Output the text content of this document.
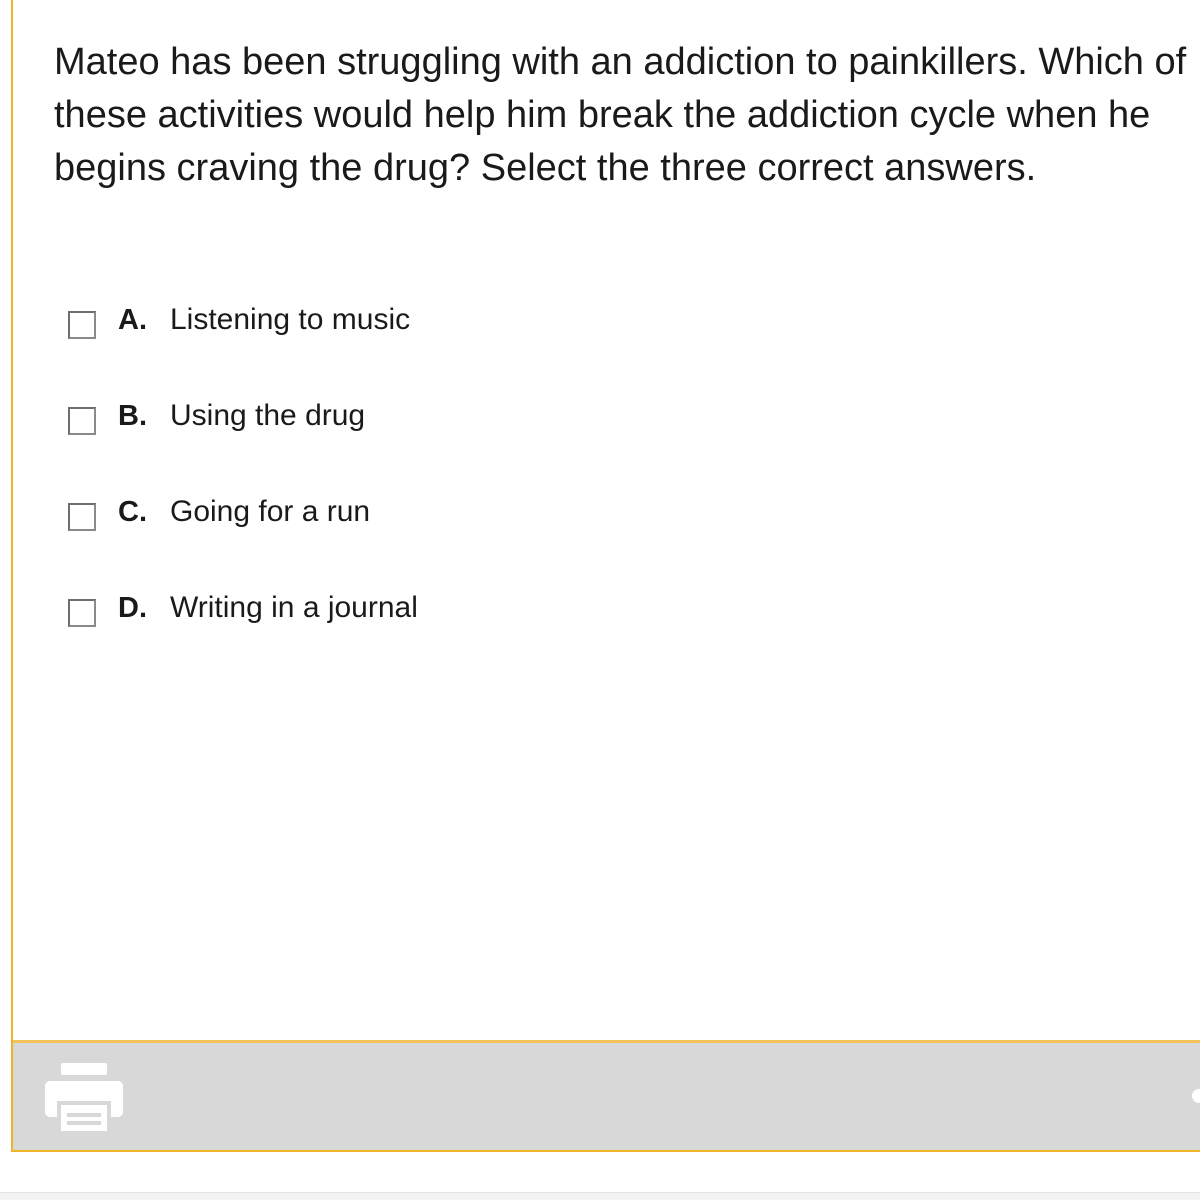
Mateo has been struggling with an addiction to painkillers. Which of these activities would help him break the addiction cycle when he begins craving the drug? Select the three correct answers.

A. Listening to music
B. Using the drug
C. Going for a run
D. Writing in a journal
